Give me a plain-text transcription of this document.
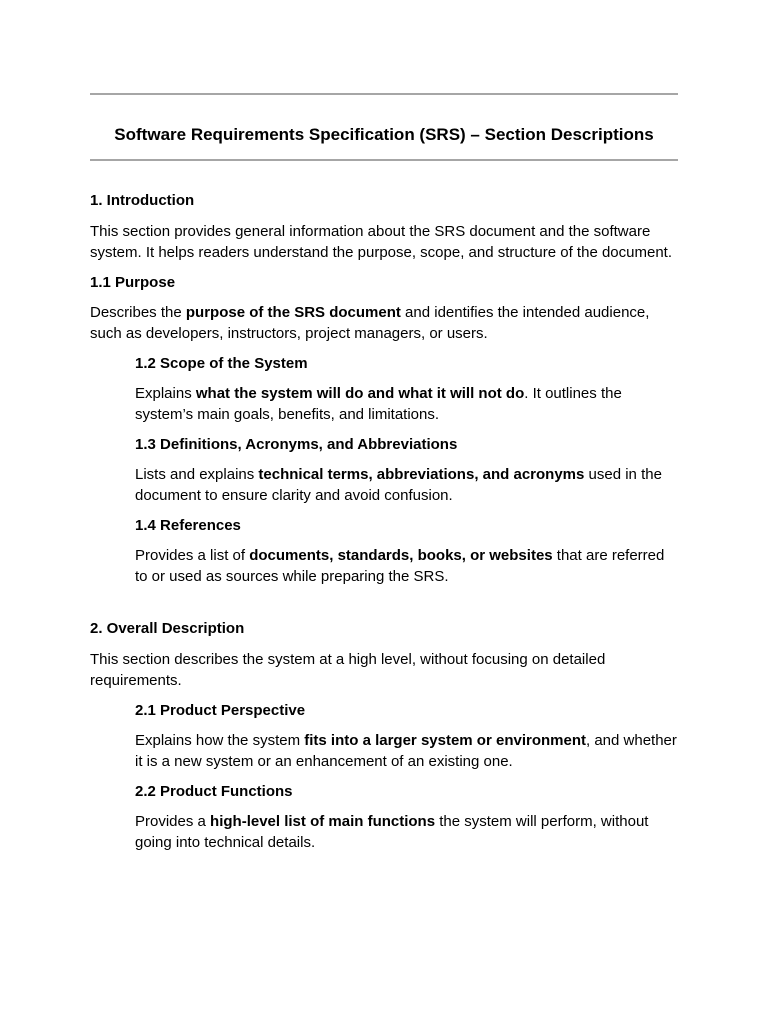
Software Requirements Specification (SRS) – Section Descriptions
1. Introduction

This section provides general information about the SRS document and the software system. It helps readers understand the purpose, scope, and structure of the document.

1.1 Purpose

Describes the purpose of the SRS document and identifies the intended audience, such as developers, instructors, project managers, or users.

1.2 Scope of the System

Explains what the system will do and what it will not do. It outlines the system’s main goals, benefits, and limitations.

1.3 Definitions, Acronyms, and Abbreviations

Lists and explains technical terms, abbreviations, and acronyms used in the document to ensure clarity and avoid confusion.

1.4 References

Provides a list of documents, standards, books, or websites that are referred to or used as sources while preparing the SRS.

2. Overall Description

This section describes the system at a high level, without focusing on detailed requirements.

2.1 Product Perspective

Explains how the system fits into a larger system or environment, and whether it is a new system or an enhancement of an existing one.

2.2 Product Functions

Provides a high-level list of main functions the system will perform, without going into technical details.
